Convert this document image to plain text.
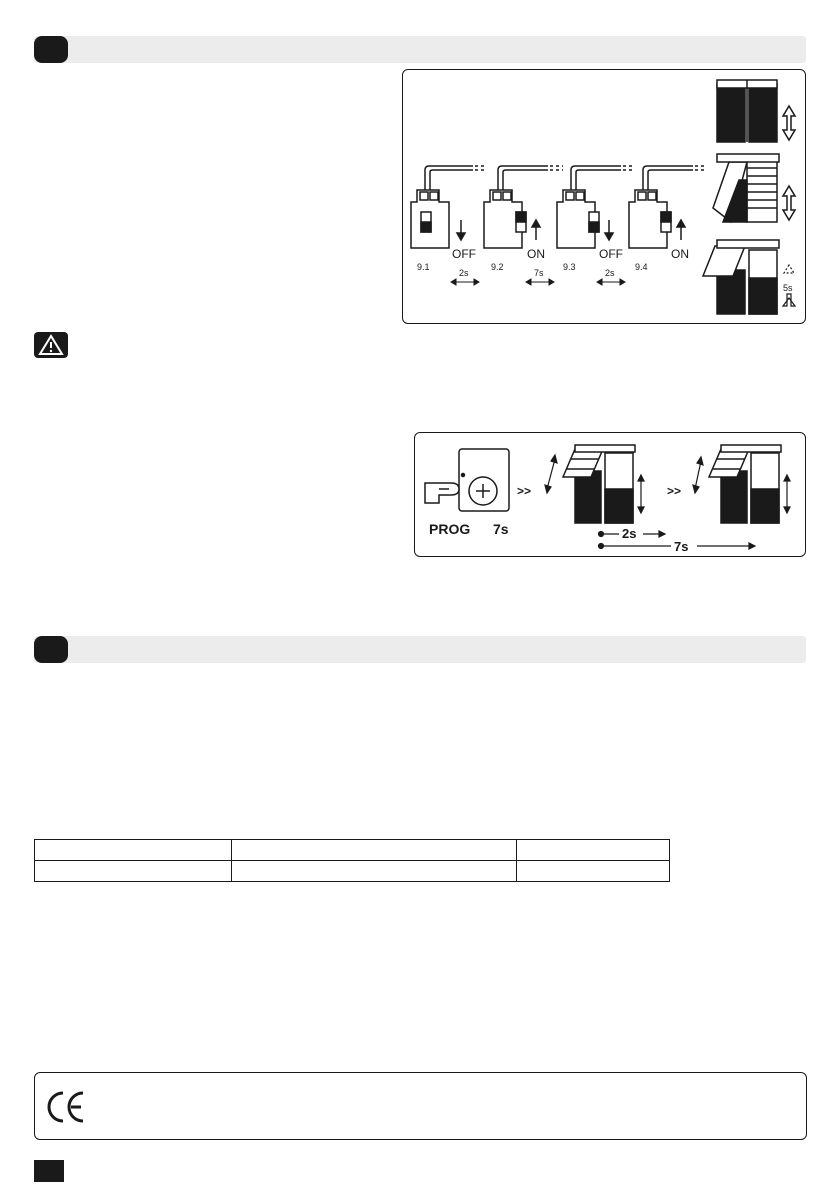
9.1	9.2	9.3	9.4
OFF	ON	OFF	ON
2s	7s	2s
5s
PROG 7s
>>	>>
2s
7s
